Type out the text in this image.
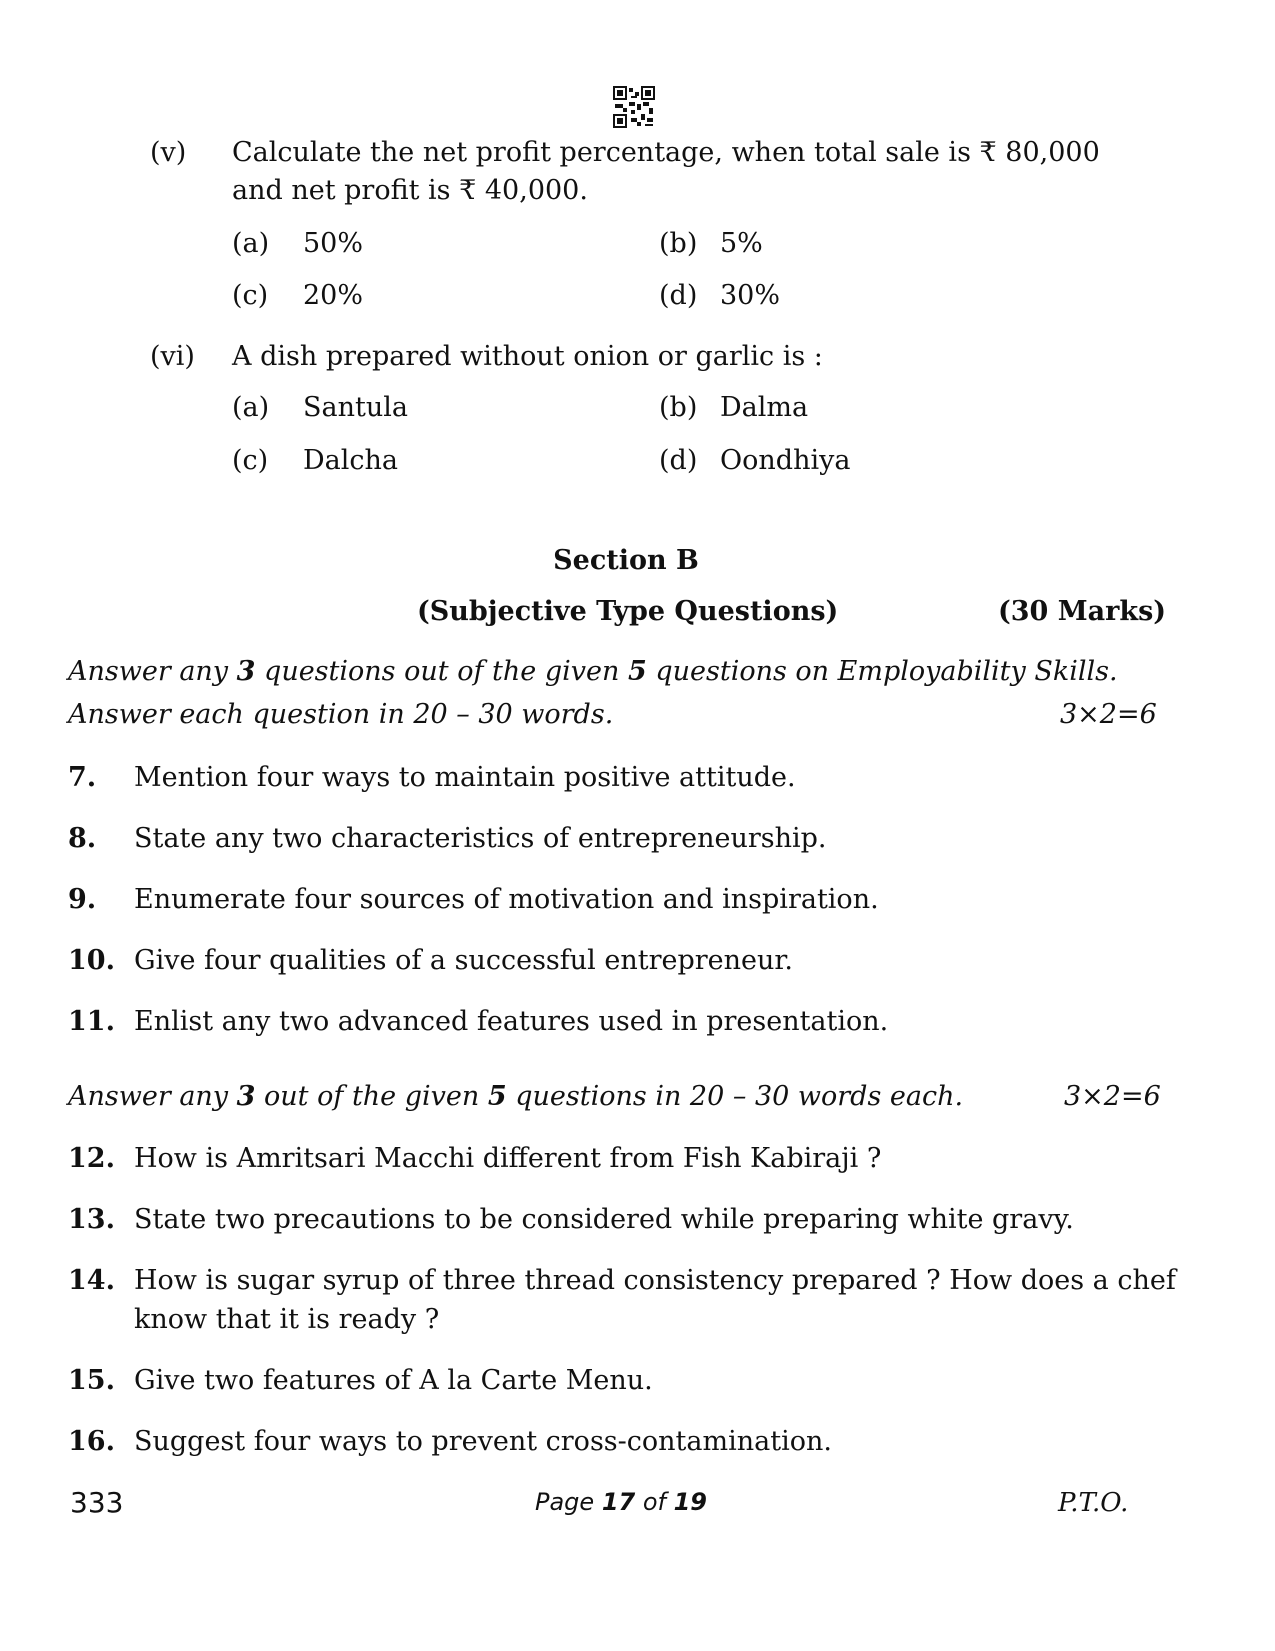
(v) Calculate the net profit percentage, when total sale is ₹ 80,000
and net profit is ₹ 40,000.
(a) 50%	(b) 5%
(c) 20%	(d) 30%
(vi) A dish prepared without onion or garlic is :
(a) Santula	(b) Dalma
(c) Dalcha	(d) Oondhiya
Section B
(Subjective Type Questions)	(30 Marks)
Answer any 3 questions out of the given 5 questions on Employability Skills.
Answer each question in 20 – 30 words.	3×2=6
7. Mention four ways to maintain positive attitude.
8. State any two characteristics of entrepreneurship.
9. Enumerate four sources of motivation and inspiration.
10. Give four qualities of a successful entrepreneur.
11. Enlist any two advanced features used in presentation.
Answer any 3 out of the given 5 questions in 20 – 30 words each.	3×2=6
12. How is Amritsari Macchi different from Fish Kabiraji ?
13. State two precautions to be considered while preparing white gravy.
14. How is sugar syrup of three thread consistency prepared ? How does a chef
know that it is ready ?
15. Give two features of A la Carte Menu.
16. Suggest four ways to prevent cross-contamination.
333	Page 17 of 19	P.T.O.
